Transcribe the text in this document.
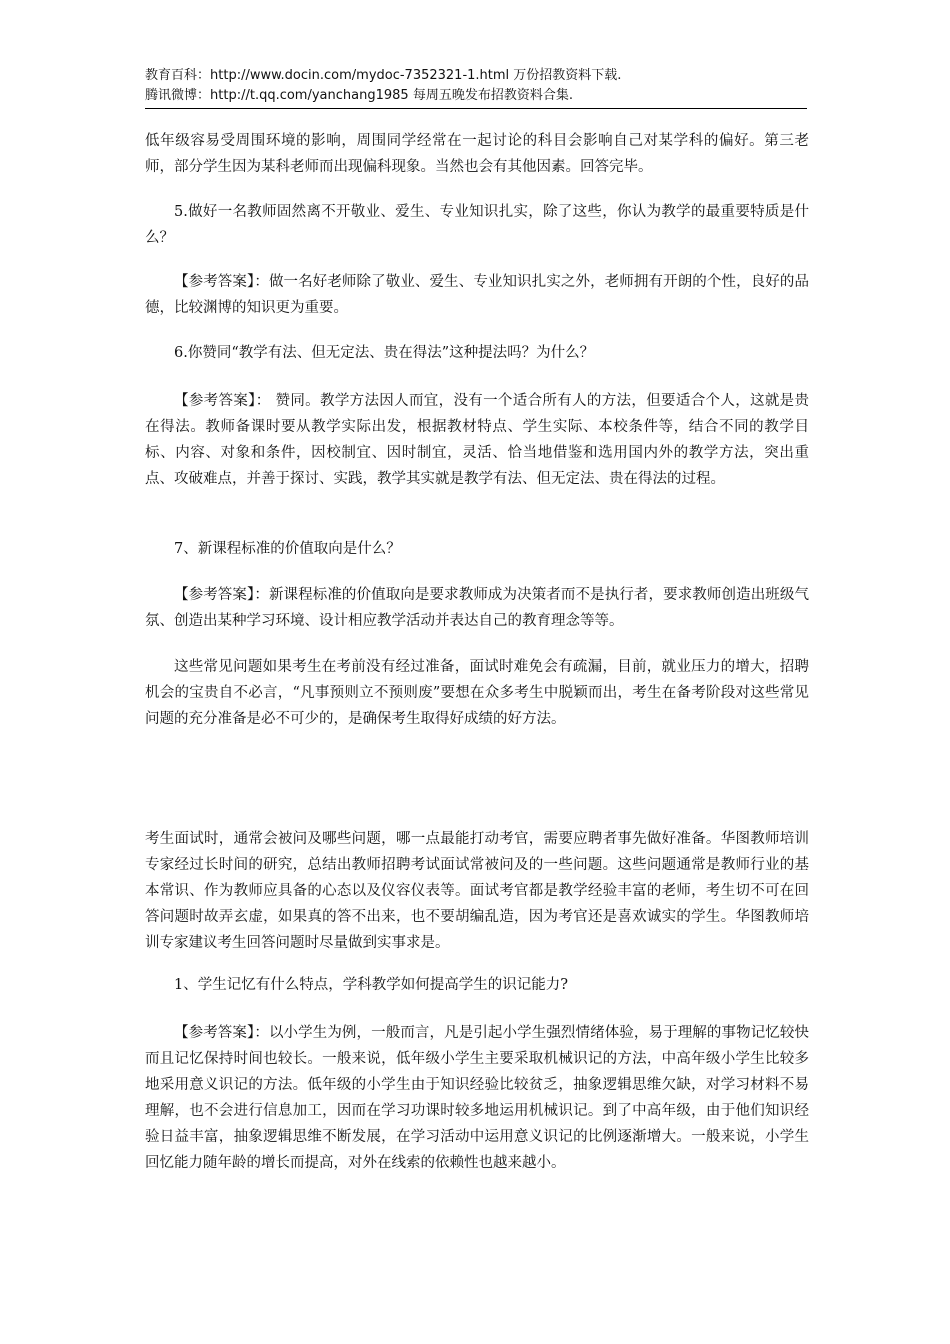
教育百科：http://www.docin.com/mydoc-7352321-1.html 万份招教资料下载.
腾讯微博：http://t.qq.com/yanchang1985 每周五晚发布招教资料合集.

低年级容易受周围环境的影响，周围同学经常在一起讨论的科目会影响自己对某学科的偏好。第三老师，部分学生因为某科老师而出现偏科现象。当然也会有其他因素。回答完毕。

5.做好一名教师固然离不开敬业、爱生、专业知识扎实，除了这些，你认为教学的最重要特质是什么？

【参考答案】：做一名好老师除了敬业、爱生、专业知识扎实之外，老师拥有开朗的个性，良好的品德，比较渊博的知识更为重要。

6.你赞同“教学有法、但无定法、贵在得法”这种提法吗？为什么？

【参考答案】： 赞同。教学方法因人而宜，没有一个适合所有人的方法，但要适合个人，这就是贵在得法。教师备课时要从教学实际出发，根据教材特点、学生实际、本校条件等，结合不同的教学目标、内容、对象和条件，因校制宜、因时制宜，灵活、恰当地借鉴和选用国内外的教学方法，突出重点、攻破难点，并善于探讨、实践，教学其实就是教学有法、但无定法、贵在得法的过程。

7、新课程标准的价值取向是什么？

【参考答案】：新课程标准的价值取向是要求教师成为决策者而不是执行者，要求教师创造出班级气氛、创造出某种学习环境、设计相应教学活动并表达自己的教育理念等等。

这些常见问题如果考生在考前没有经过准备，面试时难免会有疏漏，目前，就业压力的增大，招聘机会的宝贵自不必言，“凡事预则立不预则废”要想在众多考生中脱颖而出，考生在备考阶段对这些常见问题的充分准备是必不可少的，是确保考生取得好成绩的好方法。

考生面试时，通常会被问及哪些问题，哪一点最能打动考官，需要应聘者事先做好准备。华图教师培训专家经过长时间的研究，总结出教师招聘考试面试常被问及的一些问题。这些问题通常是教师行业的基本常识、作为教师应具备的心态以及仪容仪表等。面试考官都是教学经验丰富的老师，考生切不可在回答问题时故弄玄虚，如果真的答不出来，也不要胡编乱造，因为考官还是喜欢诚实的学生。华图教师培训专家建议考生回答问题时尽量做到实事求是。

1、学生记忆有什么特点，学科教学如何提高学生的识记能力?

【参考答案】：以小学生为例，一般而言，凡是引起小学生强烈情绪体验，易于理解的事物记忆较快而且记忆保持时间也较长。一般来说，低年级小学生主要采取机械识记的方法，中高年级小学生比较多地采用意义识记的方法。低年级的小学生由于知识经验比较贫乏，抽象逻辑思维欠缺，对学习材料不易理解，也不会进行信息加工，因而在学习功课时较多地运用机械识记。到了中高年级，由于他们知识经验日益丰富，抽象逻辑思维不断发展，在学习活动中运用意义识记的比例逐渐增大。一般来说，小学生回忆能力随年龄的增长而提高，对外在线索的依赖性也越来越小。
